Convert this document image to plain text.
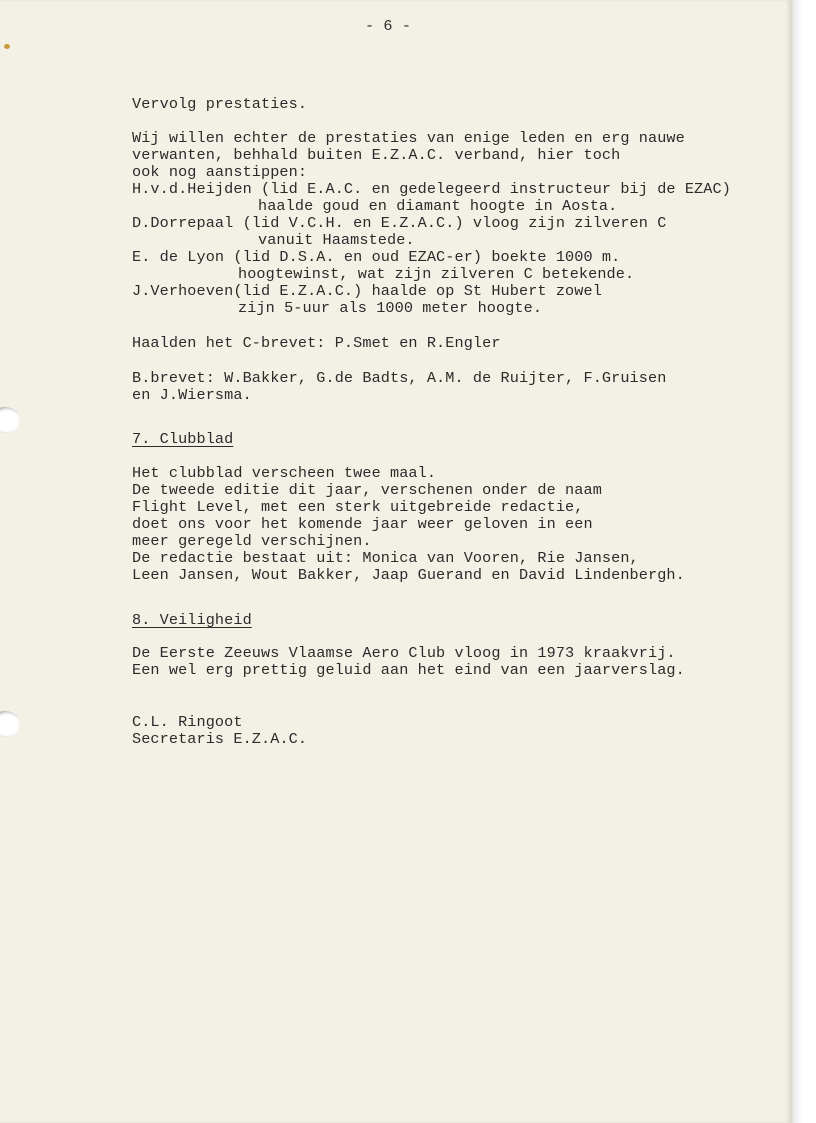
- 6 -
Vervolg prestaties.
Wij willen echter de prestaties van enige leden en erg nauwe
verwanten, behhald buiten E.Z.A.C. verband, hier toch
ook nog aanstippen:
H.v.d.Heijden (lid E.A.C. en gedelegeerd instructeur bij de EZAC)
haalde goud en diamant hoogte in Aosta.
D.Dorrepaal (lid V.C.H. en E.Z.A.C.) vloog zijn zilveren C
vanuit Haamstede.
E. de Lyon (lid D.S.A. en oud EZAC-er) boekte 1000 m.
hoogtewinst, wat zijn zilveren C betekende.
J.Verhoeven(lid E.Z.A.C.) haalde op St Hubert zowel
zijn 5-uur als 1000 meter hoogte.
Haalden het C-brevet: P.Smet en R.Engler
B.brevet: W.Bakker, G.de Badts, A.M. de Ruijter, F.Gruisen
en J.Wiersma.
7. Clubblad
Het clubblad verscheen twee maal.
De tweede editie dit jaar, verschenen onder de naam
Flight Level, met een sterk uitgebreide redactie,
doet ons voor het komende jaar weer geloven in een
meer geregeld verschijnen.
De redactie bestaat uit: Monica van Vooren, Rie Jansen,
Leen Jansen, Wout Bakker, Jaap Guerand en David Lindenbergh.
8. Veiligheid
De Eerste Zeeuws Vlaamse Aero Club vloog in 1973 kraakvrij.
Een wel erg prettig geluid aan het eind van een jaarverslag.
C.L. Ringoot
Secretaris E.Z.A.C.
